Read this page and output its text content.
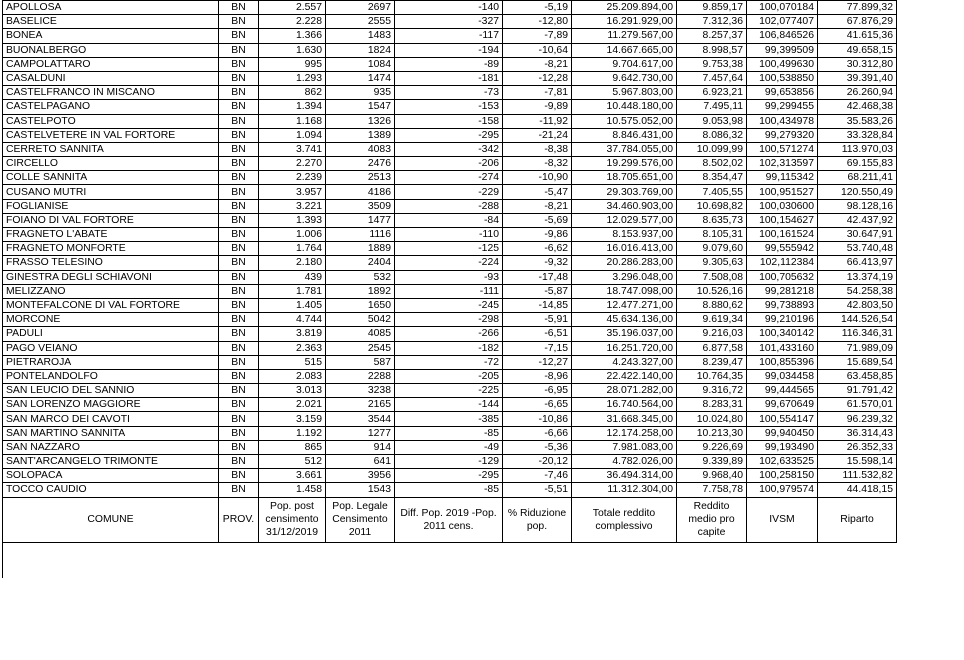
APOLLOSA	BN	2.557	2697	-140	-5,19	25.209.894,00	9.859,17	100,070184	77.899,32
BASELICE	BN	2.228	2555	-327	-12,80	16.291.929,00	7.312,36	102,077407	67.876,29
BONEA	BN	1.366	1483	-117	-7,89	11.279.567,00	8.257,37	106,846526	41.615,36
BUONALBERGO	BN	1.630	1824	-194	-10,64	14.667.665,00	8.998,57	99,399509	49.658,15
CAMPOLATTARO	BN	995	1084	-89	-8,21	9.704.617,00	9.753,38	100,499630	30.312,80
CASALDUNI	BN	1.293	1474	-181	-12,28	9.642.730,00	7.457,64	100,538850	39.391,40
CASTELFRANCO IN MISCANO	BN	862	935	-73	-7,81	5.967.803,00	6.923,21	99,653856	26.260,94
CASTELPAGANO	BN	1.394	1547	-153	-9,89	10.448.180,00	7.495,11	99,299455	42.468,38
CASTELPOTO	BN	1.168	1326	-158	-11,92	10.575.052,00	9.053,98	100,434978	35.583,26
CASTELVETERE IN VAL FORTORE	BN	1.094	1389	-295	-21,24	8.846.431,00	8.086,32	99,279320	33.328,84
CERRETO SANNITA	BN	3.741	4083	-342	-8,38	37.784.055,00	10.099,99	100,571274	113.970,03
CIRCELLO	BN	2.270	2476	-206	-8,32	19.299.576,00	8.502,02	102,313597	69.155,83
COLLE SANNITA	BN	2.239	2513	-274	-10,90	18.705.651,00	8.354,47	99,115342	68.211,41
CUSANO MUTRI	BN	3.957	4186	-229	-5,47	29.303.769,00	7.405,55	100,951527	120.550,49
FOGLIANISE	BN	3.221	3509	-288	-8,21	34.460.903,00	10.698,82	100,030600	98.128,16
FOIANO DI VAL FORTORE	BN	1.393	1477	-84	-5,69	12.029.577,00	8.635,73	100,154627	42.437,92
FRAGNETO L'ABATE	BN	1.006	1116	-110	-9,86	8.153.937,00	8.105,31	100,161524	30.647,91
FRAGNETO MONFORTE	BN	1.764	1889	-125	-6,62	16.016.413,00	9.079,60	99,555942	53.740,48
FRASSO TELESINO	BN	2.180	2404	-224	-9,32	20.286.283,00	9.305,63	102,112384	66.413,97
GINESTRA DEGLI SCHIAVONI	BN	439	532	-93	-17,48	3.296.048,00	7.508,08	100,705632	13.374,19
MELIZZANO	BN	1.781	1892	-111	-5,87	18.747.098,00	10.526,16	99,281218	54.258,38
MONTEFALCONE DI VAL FORTORE	BN	1.405	1650	-245	-14,85	12.477.271,00	8.880,62	99,738893	42.803,50
MORCONE	BN	4.744	5042	-298	-5,91	45.634.136,00	9.619,34	99,210196	144.526,54
PADULI	BN	3.819	4085	-266	-6,51	35.196.037,00	9.216,03	100,340142	116.346,31
PAGO VEIANO	BN	2.363	2545	-182	-7,15	16.251.720,00	6.877,58	101,433160	71.989,09
PIETRAROJA	BN	515	587	-72	-12,27	4.243.327,00	8.239,47	100,855396	15.689,54
PONTELANDOLFO	BN	2.083	2288	-205	-8,96	22.422.140,00	10.764,35	99,034458	63.458,85
SAN LEUCIO DEL SANNIO	BN	3.013	3238	-225	-6,95	28.071.282,00	9.316,72	99,444565	91.791,42
SAN LORENZO MAGGIORE	BN	2.021	2165	-144	-6,65	16.740.564,00	8.283,31	99,670649	61.570,01
SAN MARCO DEI CAVOTI	BN	3.159	3544	-385	-10,86	31.668.345,00	10.024,80	100,554147	96.239,32
SAN MARTINO SANNITA	BN	1.192	1277	-85	-6,66	12.174.258,00	10.213,30	99,940450	36.314,43
SAN NAZZARO	BN	865	914	-49	-5,36	7.981.083,00	9.226,69	99,193490	26.352,33
SANT'ARCANGELO TRIMONTE	BN	512	641	-129	-20,12	4.782.026,00	9.339,89	102,633525	15.598,14
SOLOPACA	BN	3.661	3956	-295	-7,46	36.494.314,00	9.968,40	100,258150	111.532,82
TOCCO CAUDIO	BN	1.458	1543	-85	-5,51	11.312.304,00	7.758,78	100,979574	44.418,15
COMUNE	PROV.	Pop. post censimento 31/12/2019	Pop. Legale Censimento 2011	Diff. Pop. 2019 -Pop. 2011 cens.	% Riduzione pop.	Totale reddito complessivo	Reddito medio pro capite	IVSM	Riparto
